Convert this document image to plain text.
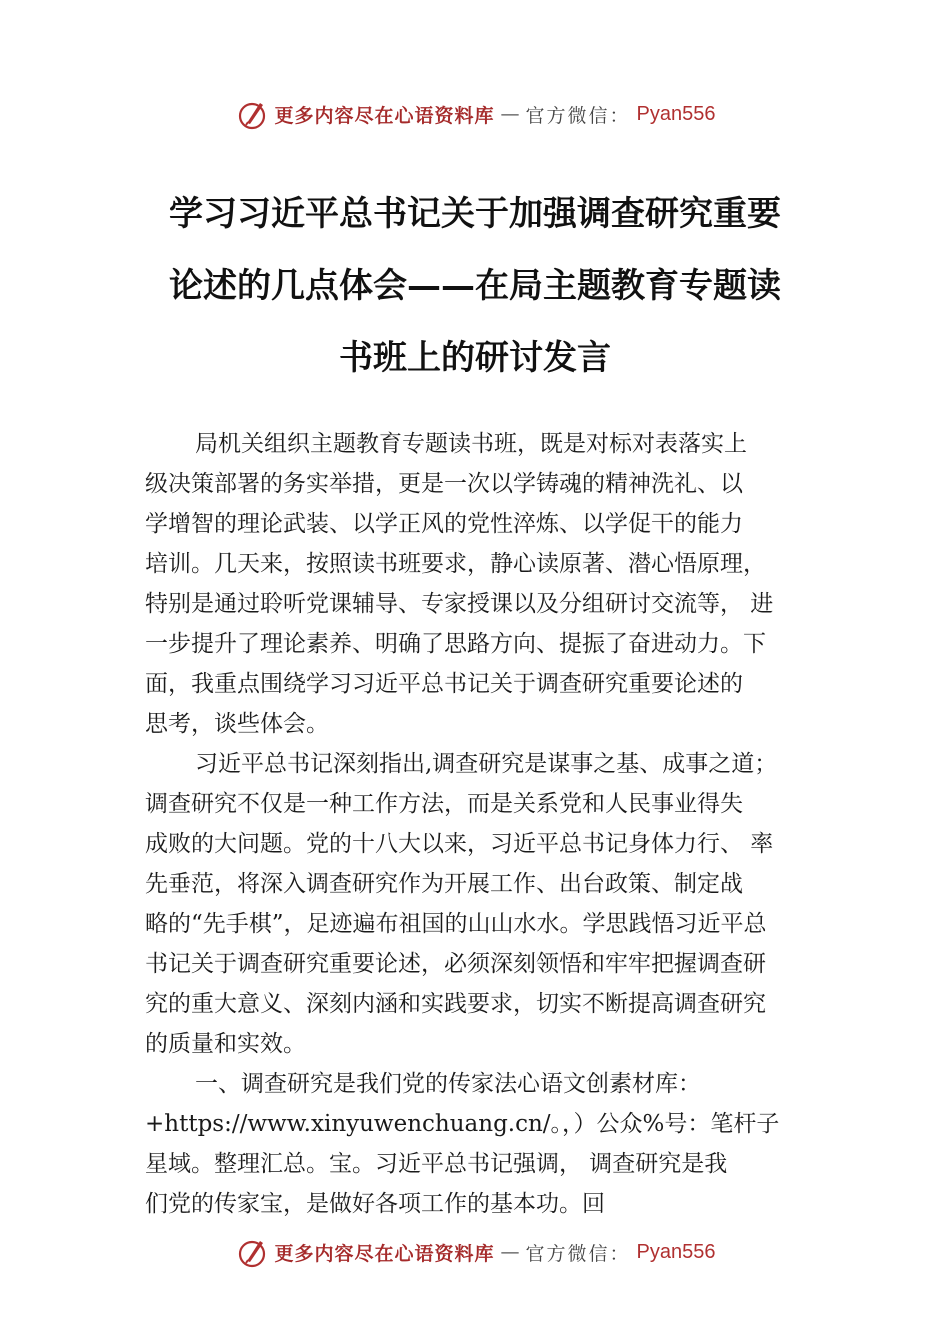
更多内容尽在心语资料库 — 官方微信： Pyan556
学习习近平总书记关于加强调查研究重要
论述的几点体会——在局主题教育专题读
书班上的研讨发言
局机关组织主题教育专题读书班，既是对标对表落实上
级决策部署的务实举措，更是一次以学铸魂的精神洗礼、以
学增智的理论武装、以学正风的党性淬炼、以学促干的能力
培训。几天来，按照读书班要求，静心读原著、潜心悟原理，
特别是通过聆听党课辅导、专家授课以及分组研讨交流等， 进
一步提升了理论素养、明确了思路方向、提振了奋进动力。下
面，我重点围绕学习习近平总书记关于调查研究重要论述的
思考，谈些体会。
习近平总书记深刻指出,调查研究是谋事之基、成事之道；
调查研究不仅是一种工作方法，而是关系党和人民事业得失
成败的大问题。党的十八大以来，习近平总书记身体力行、 率
先垂范，将深入调查研究作为开展工作、出台政策、制定战
略的“先手棋”，足迹遍布祖国的山山水水。学思践悟习近平总
书记关于调查研究重要论述，必须深刻领悟和牢牢把握调查研
究的重大意义、深刻内涵和实践要求，切实不断提高调查研究
的质量和实效。
一、调查研究是我们党的传家法心语文创素材库：
+https://www.xinyuwenchuang.cn/。，）公众%号：笔杆子
星域。整理汇总。宝。习近平总书记强调， 调查研究是我
们党的传家宝，是做好各项工作的基本功。回
更多内容尽在心语资料库 — 官方微信： Pyan556
